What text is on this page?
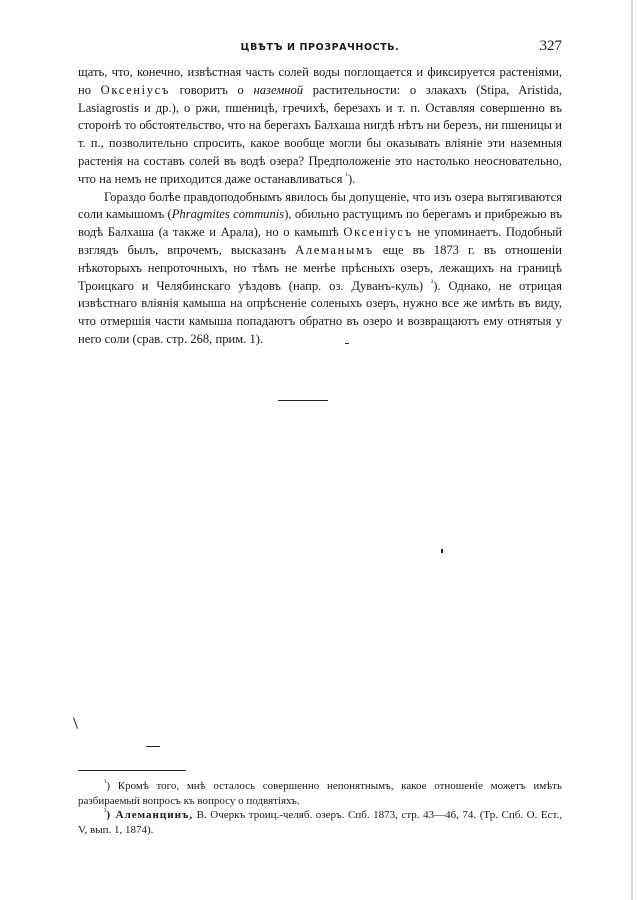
ЦВѢТЪ И ПРОЗРАЧНОСТЬ.	327

щать, что, конечно, извѣстная часть солей воды поглощается и фиксируется растеніями, но Оксеніусъ говоритъ о наземной растительности: о злакахъ (Stipa, Aristida, Lasiagrostis и др.), о ржи, пшеницѣ, гречихѣ, березахъ и т. п. Оставляя совершенно въ сторонѣ то обстоятельство, что на берегахъ Балхаша нигдѣ нѣтъ ни березъ, ни пшеницы и т. п., позволительно спросить, какое вообще могли бы оказывать вліяніе эти наземныя растенія на составъ солей въ водѣ озера? Предположеніе это настолько неосновательно, что на немъ не приходится даже останавливаться $^{^1}$).

Гораздо болѣе правдоподобнымъ явилось бы допущеніе, что изъ озера вытягиваются соли камышомъ (Phragmites communis), обильно растущимъ по берегамъ и прибрежью въ водѣ Балхаша (а также и Арала), но о камышѣ Оксеніусъ не упоминаетъ. Подобный взглядъ былъ, впрочемъ, высказанъ Алеманымъ еще въ 1873 г. въ отношеніи нѣкоторыхъ непроточныхъ, но тѣмъ не менѣе прѣсныхъ озеръ, лежащихъ на границѣ Троицкаго и Челябинскаго уѣздовъ (напр. оз. Дуванъ-куль) $^{^2}$). Однако, не отрицая извѣстнаго вліянія камыша на опрѣсненіе соленыхъ озеръ, нужно все же имѣть въ виду, что отмершія части камыша попадаютъ обратно въ озеро и возвращаютъ ему отнятыя у него соли (срав. стр. 268, прим. 1).

$^{^1}$) Кромѣ того, мнѣ осталось совершенно непонятнымъ, какое отношеніе можетъ имѣть разбираемый вопросъ къ вопросу о подвятіяхъ.

$^{^2}$) Алеманцинъ, В. Очеркъ троиц.-челяб. озеръ. Спб. 1873, стр. 43—46, 74. (Тр. Спб. О. Ест., V, вып. 1, 1874).
